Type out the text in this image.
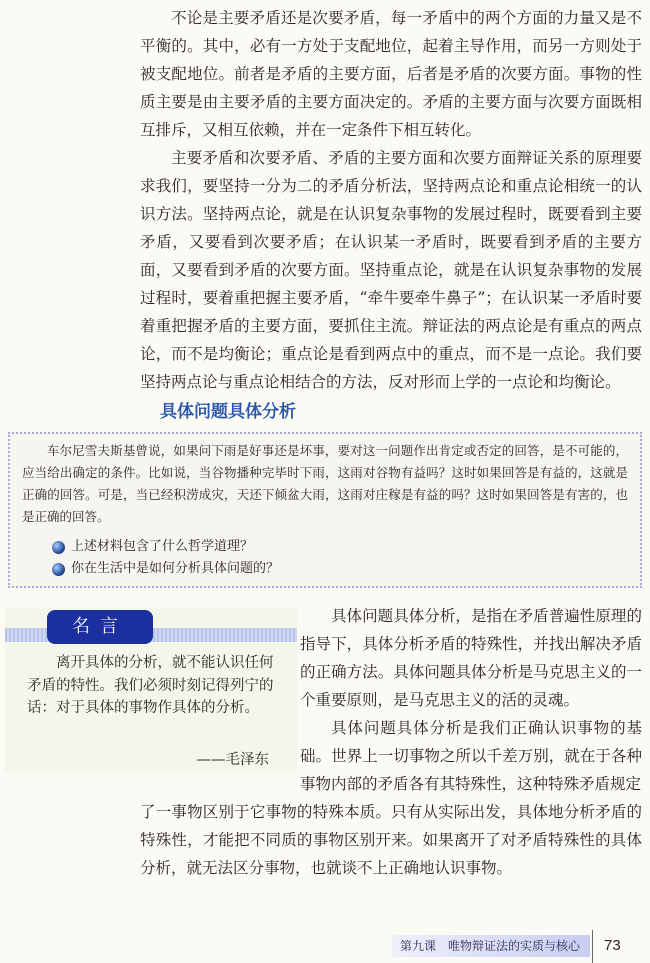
不论是主要矛盾还是次要矛盾，每一矛盾中的两个方面的力量又是不平衡的。其中，必有一方处于支配地位，起着主导作用，而另一方则处于被支配地位。前者是矛盾的主要方面，后者是矛盾的次要方面。事物的性质主要是由主要矛盾的主要方面决定的。矛盾的主要方面与次要方面既相互排斥，又相互依赖，并在一定条件下相互转化。

主要矛盾和次要矛盾、矛盾的主要方面和次要方面辩证关系的原理要求我们，要坚持一分为二的矛盾分析法，坚持两点论和重点论相统一的认识方法。坚持两点论，就是在认识复杂事物的发展过程时，既要看到主要矛盾，又要看到次要矛盾；在认识某一矛盾时，既要看到矛盾的主要方面，又要看到矛盾的次要方面。坚持重点论，就是在认识复杂事物的发展过程时，要着重把握主要矛盾，“牵牛要牵牛鼻子”；在认识某一矛盾时要着重把握矛盾的主要方面，要抓住主流。辩证法的两点论是有重点的两点论，而不是均衡论；重点论是看到两点中的重点，而不是一点论。我们要坚持两点论与重点论相结合的方法，反对形而上学的一点论和均衡论。

具体问题具体分析

车尔尼雪夫斯基曾说，如果问下雨是好事还是坏事，要对这一问题作出肯定或否定的回答，是不可能的，应当给出确定的条件。比如说，当谷物播种完毕时下雨，这雨对谷物有益吗？这时如果回答是有益的，这就是正确的回答。可是，当已经积涝成灾，天还下倾盆大雨，这雨对庄稼是有益的吗？这时如果回答是有害的，也是正确的回答。

上述材料包含了什么哲学道理？
你在生活中是如何分析具体问题的？
名言

离开具体的分析，就不能认识任何矛盾的特性。我们必须时刻记得列宁的话：对于具体的事物作具体的分析。

——毛泽东

具体问题具体分析，是指在矛盾普遍性原理的指导下，具体分析矛盾的特殊性，并找出解决矛盾的正确方法。具体问题具体分析是马克思主义的一个重要原则，是马克思主义的活的灵魂。

具体问题具体分析是我们正确认识事物的基础。世界上一切事物之所以千差万别，就在于各种事物内部的矛盾各有其特殊性，这种特殊矛盾规定

了一事物区别于它事物的特殊本质。只有从实际出发，具体地分析矛盾的特殊性，才能把不同质的事物区别开来。如果离开了对矛盾特殊性的具体分析，就无法区分事物，也就谈不上正确地认识事物。

第九课　唯物辩证法的实质与核心	73
